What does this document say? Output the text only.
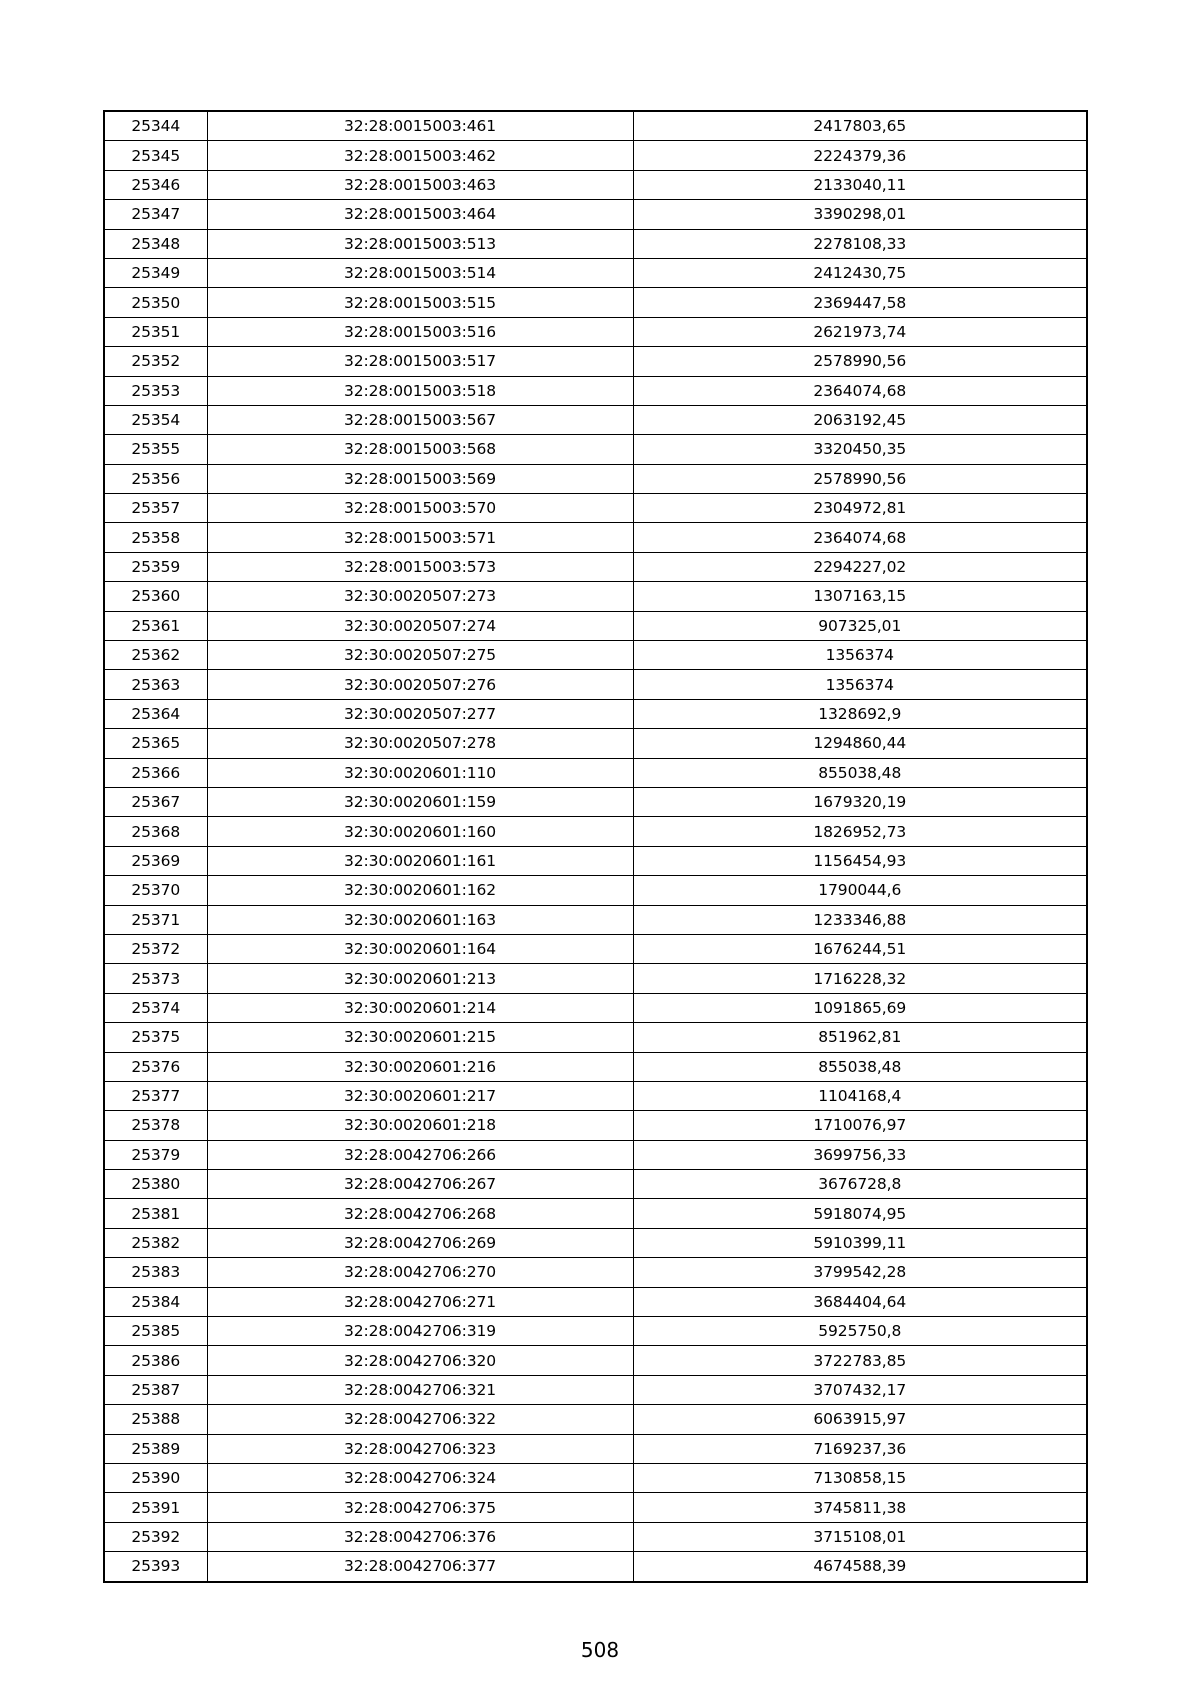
25344	32:28:0015003:461	2417803,65
25345	32:28:0015003:462	2224379,36
25346	32:28:0015003:463	2133040,11
25347	32:28:0015003:464	3390298,01
25348	32:28:0015003:513	2278108,33
25349	32:28:0015003:514	2412430,75
25350	32:28:0015003:515	2369447,58
25351	32:28:0015003:516	2621973,74
25352	32:28:0015003:517	2578990,56
25353	32:28:0015003:518	2364074,68
25354	32:28:0015003:567	2063192,45
25355	32:28:0015003:568	3320450,35
25356	32:28:0015003:569	2578990,56
25357	32:28:0015003:570	2304972,81
25358	32:28:0015003:571	2364074,68
25359	32:28:0015003:573	2294227,02
25360	32:30:0020507:273	1307163,15
25361	32:30:0020507:274	907325,01
25362	32:30:0020507:275	1356374
25363	32:30:0020507:276	1356374
25364	32:30:0020507:277	1328692,9
25365	32:30:0020507:278	1294860,44
25366	32:30:0020601:110	855038,48
25367	32:30:0020601:159	1679320,19
25368	32:30:0020601:160	1826952,73
25369	32:30:0020601:161	1156454,93
25370	32:30:0020601:162	1790044,6
25371	32:30:0020601:163	1233346,88
25372	32:30:0020601:164	1676244,51
25373	32:30:0020601:213	1716228,32
25374	32:30:0020601:214	1091865,69
25375	32:30:0020601:215	851962,81
25376	32:30:0020601:216	855038,48
25377	32:30:0020601:217	1104168,4
25378	32:30:0020601:218	1710076,97
25379	32:28:0042706:266	3699756,33
25380	32:28:0042706:267	3676728,8
25381	32:28:0042706:268	5918074,95
25382	32:28:0042706:269	5910399,11
25383	32:28:0042706:270	3799542,28
25384	32:28:0042706:271	3684404,64
25385	32:28:0042706:319	5925750,8
25386	32:28:0042706:320	3722783,85
25387	32:28:0042706:321	3707432,17
25388	32:28:0042706:322	6063915,97
25389	32:28:0042706:323	7169237,36
25390	32:28:0042706:324	7130858,15
25391	32:28:0042706:375	3745811,38
25392	32:28:0042706:376	3715108,01
25393	32:28:0042706:377	4674588,39
508
